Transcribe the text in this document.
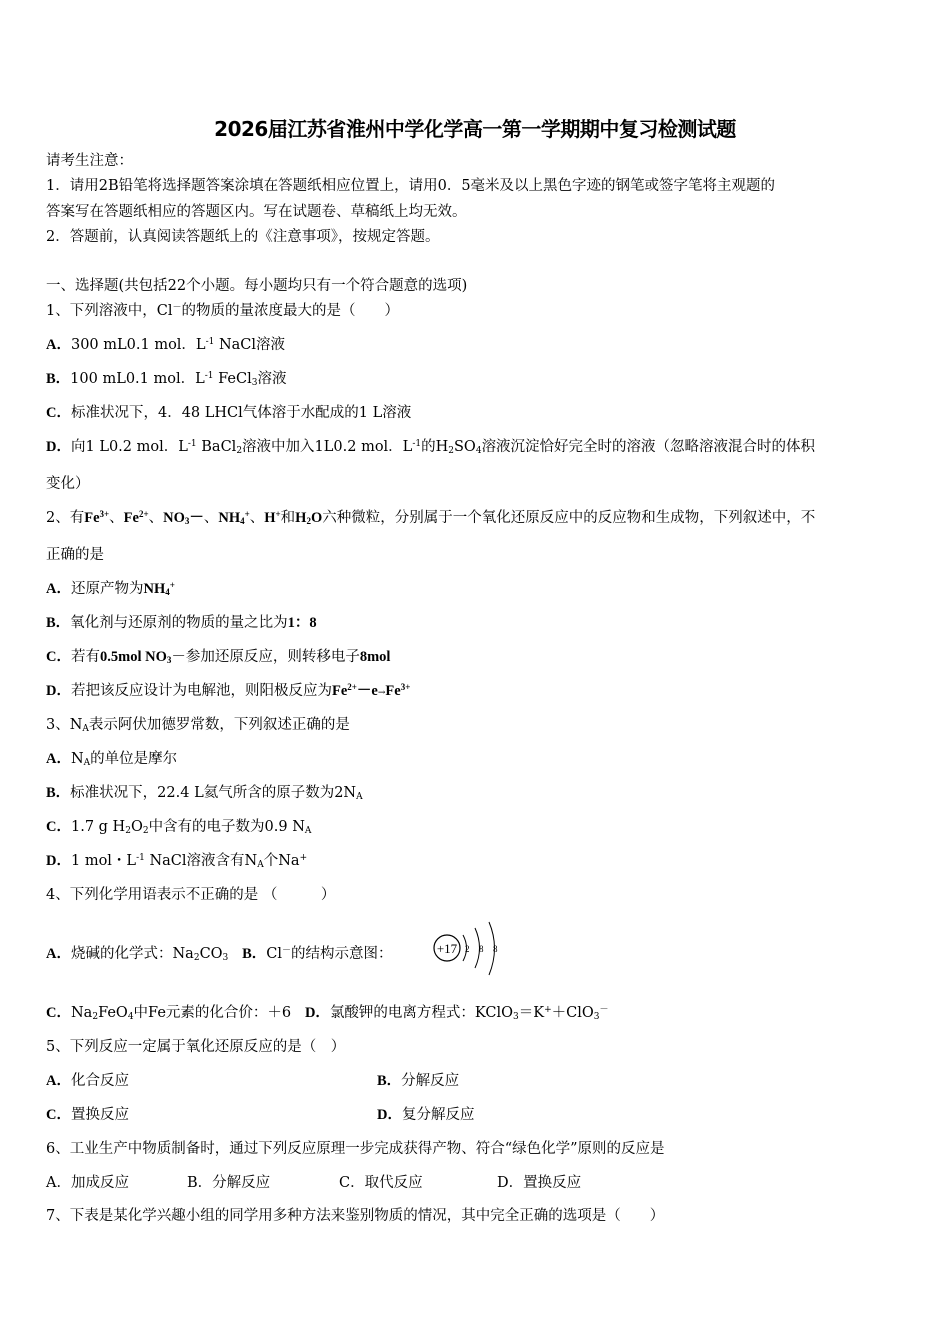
2026届江苏省淮州中学化学高一第一学期期中复习检测试题
请考生注意：
1．请用2B铅笔将选择题答案涂填在答题纸相应位置上，请用0．5毫米及以上黑色字迹的钢笔或签字笔将主观题的
答案写在答题纸相应的答题区内。写在试题卷、草稿纸上均无效。
2．答题前，认真阅读答题纸上的《注意事项》，按规定答题。
一、选择题(共包括22个小题。每小题均只有一个符合题意的选项)
1、下列溶液中，Cl－的物质的量浓度最大的是（　　）
A．300 mL0.1 mol．$L^{-1}$ NaCl溶液
B．100 mL0.1 mol．$L^{-1}$ FeCl$_3$溶液
C．标准状况下，4．48 LHCl气体溶于水配成的1 L溶液
D．向1 L0.2 mol．$L^{-1}$ BaCl$_2$溶液中加入1L0.2 mol．$L^{-1}$的$H_2SO_4$溶液沉淀恰好完全时的溶液（忽略溶液混合时的体积
变化）
2、有$Fe^{3+}$、$Fe^{2+}$、$NO_3-$、$NH_4^+$、H+和$H_2O$六种微粒，分别属于一个氧化还原反应中的反应物和生成物，下列叙述中，不
正确的是
A．还原产物为$NH_4^+$
B．氧化剂与还原剂的物质的量之比为1：8
C．若有0.5mol $NO_3-$参加还原反应，则转移电子8mol
D．若把该反应设计为电解池，则阳极反应为$Fe^{2+}-e\to Fe^{3+}$
3、$N_A$表示阿伏加德罗常数，下列叙述正确的是
A．$N_A$的单位是摩尔
B．标准状况下，22.4 L氦气所含的原子数为$2N_A$
C．1.7 g $H_2O_2$中含有的电子数为0.9 $N_A$
D．1 mol・$L^{-1}$ NaCl溶液含有$N_A$个Na+
4、下列化学用语表示不正确的是 （　　　）
A．烧碱的化学式：$Na_2CO_3$ B．Cl－的结构示意图：	+17 2 8 8
C．$Na_2FeO_4$中Fe元素的化合价：＋6 D．氯酸钾的电离方程式：KClO$_3$＝K+＋ClO$_3$－
5、下列反应一定属于氧化还原反应的是（　）
A．化合反应	B．分解反应
C．置换反应	D．复分解反应
6、工业生产中物质制备时，通过下列反应原理一步完成获得产物、符合“绿色化学”原则的反应是
A．加成反应	B．分解反应	C．取代反应	D．置换反应
7、下表是某化学兴趣小组的同学用多种方法来鉴别物质的情况，其中完全正确的选项是（　　）
